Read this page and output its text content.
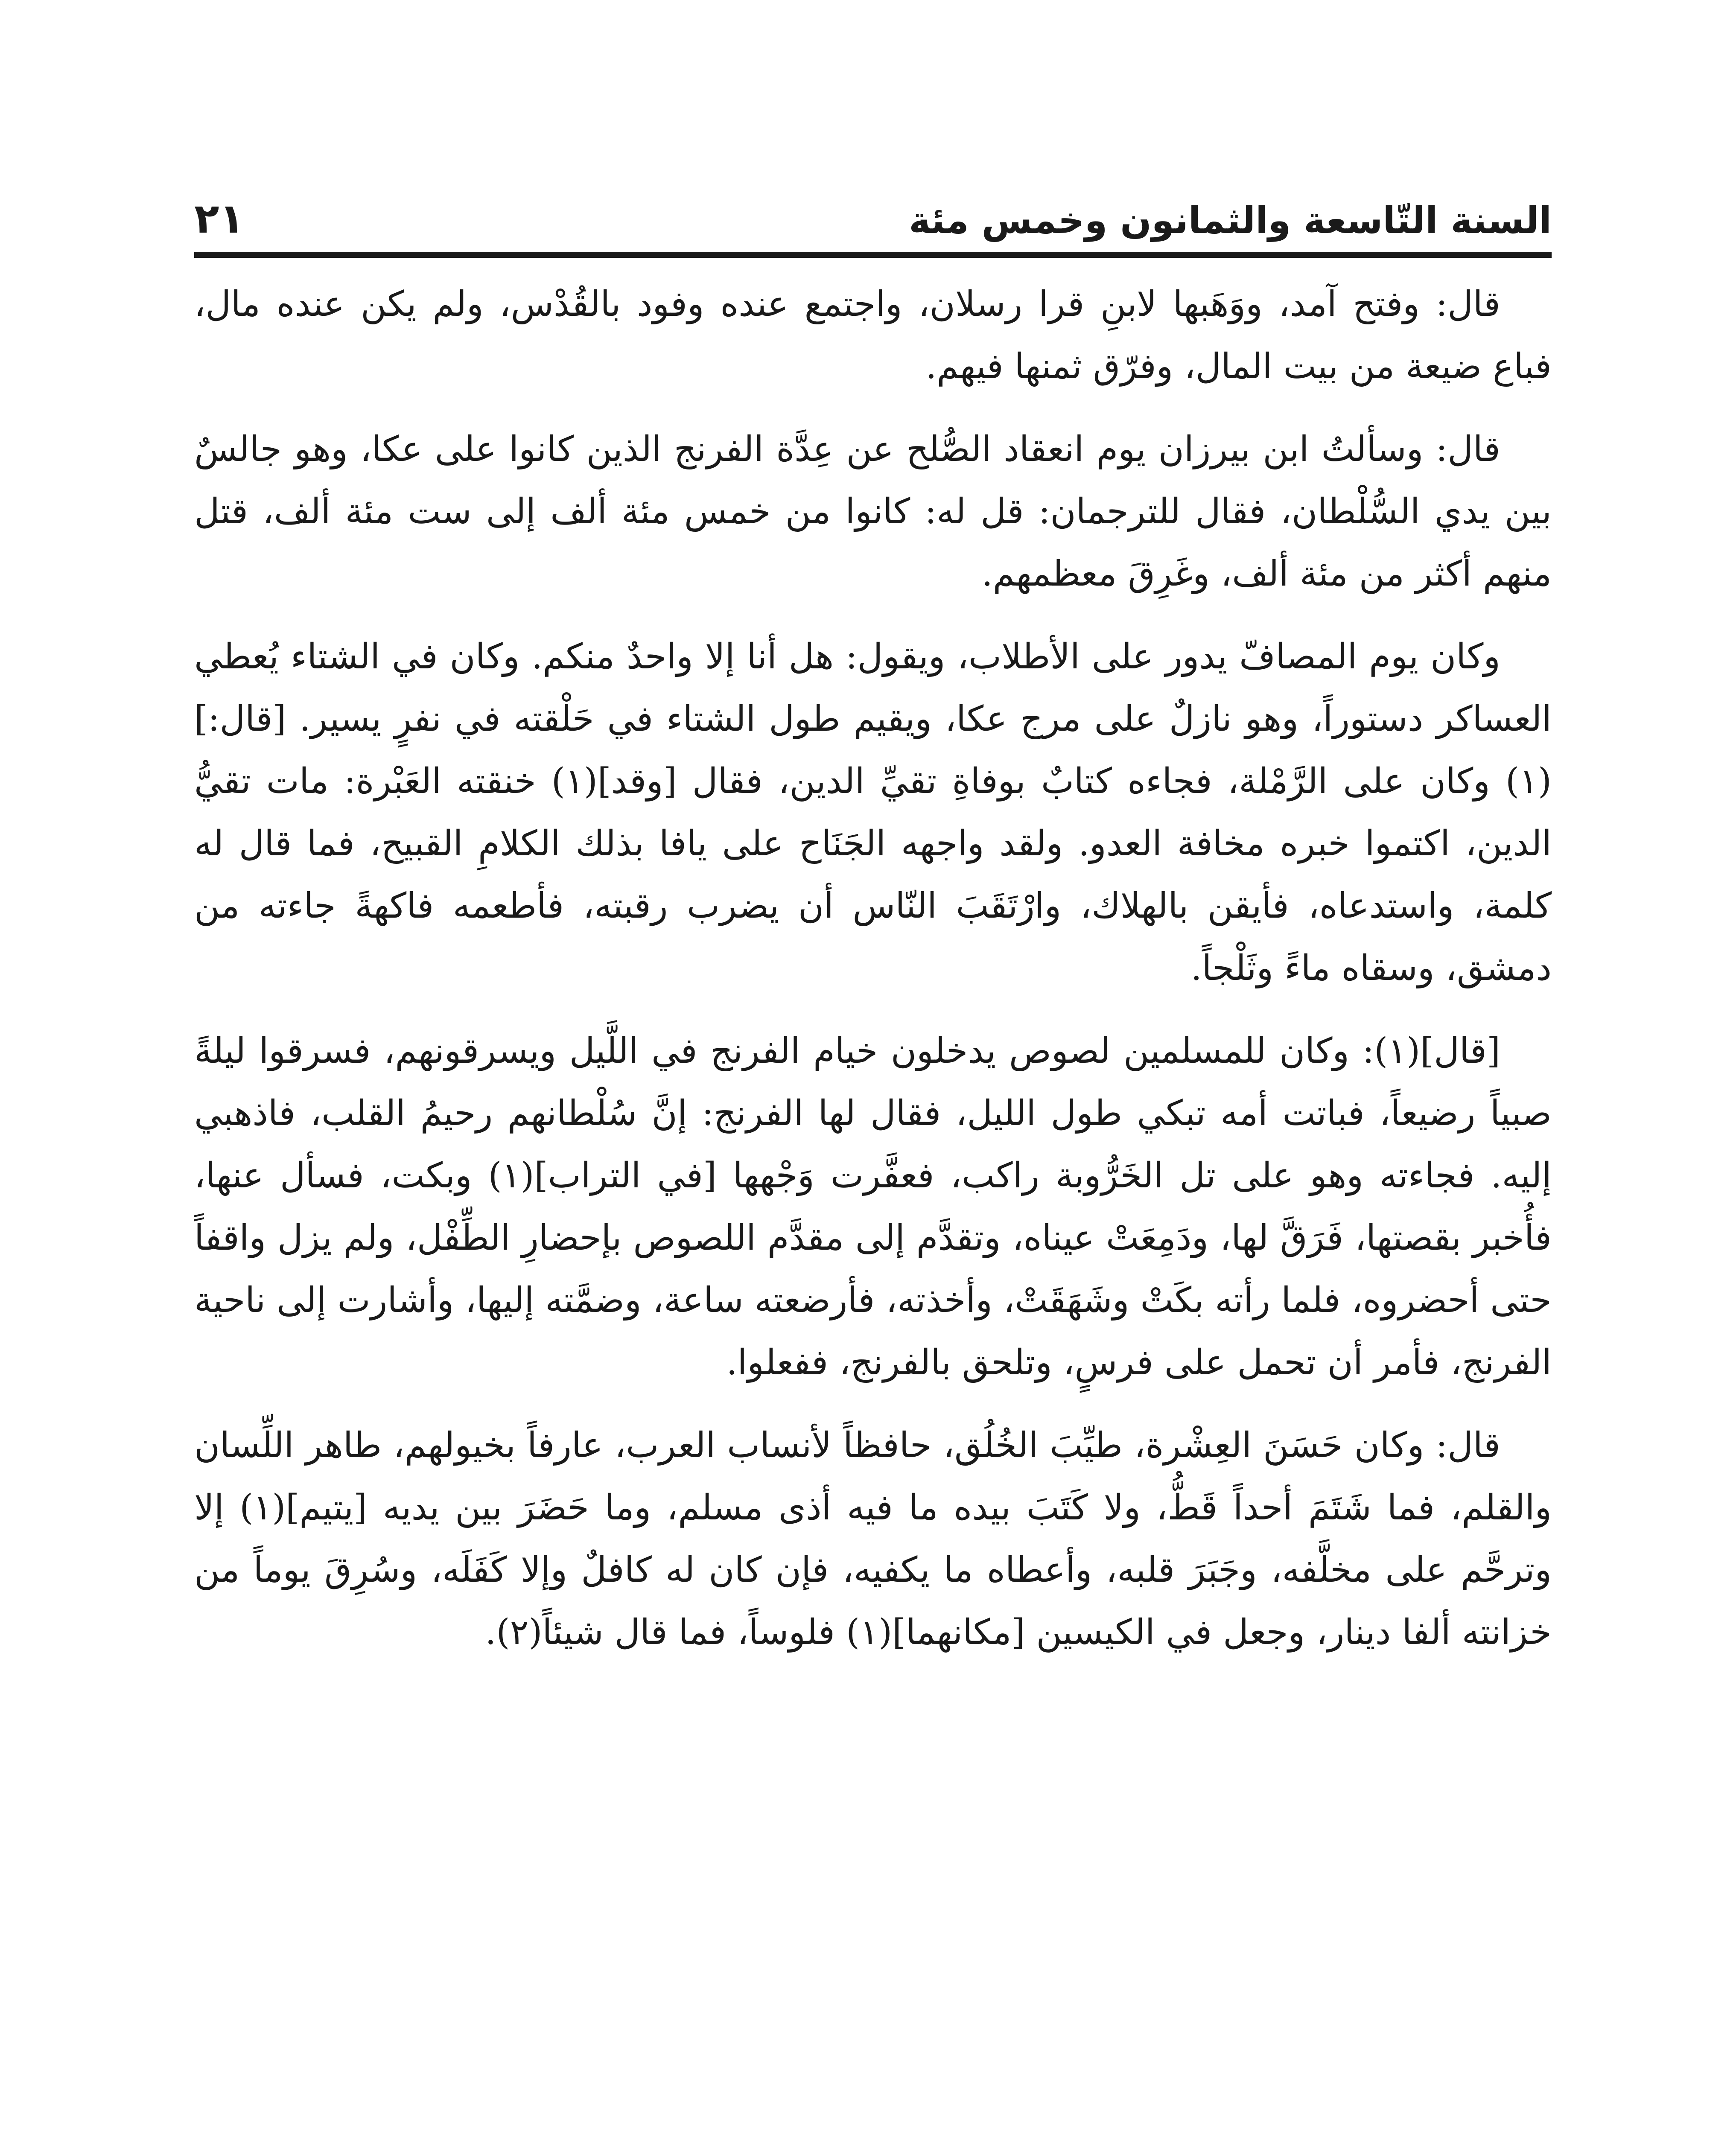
السنة التّاسعة والثمانون وخمس مئة
٢١

قال: وفتح آمد، ووَهَبها لابنِ قرا رسلان، واجتمع عنده وفود بالقُدْس، ولم يكن عنده مال، فباع ضيعة من بيت المال، وفرّق ثمنها فيهم.

قال: وسألتُ ابن بيرزان يوم انعقاد الصُّلح عن عِدَّة الفرنج الذين كانوا على عكا، وهو جالسٌ بين يدي السُّلْطان، فقال للترجمان: قل له: كانوا من خمس مئة ألف إلى ست مئة ألف، قتل منهم أكثر من مئة ألف، وغَرِقَ معظمهم.

وكان يوم المصافّ يدور على الأطلاب، ويقول: هل أنا إلا واحدٌ منكم. وكان في الشتاء يُعطي العساكر دستوراً، وهو نازلٌ على مرج عكا، ويقيم طول الشتاء في حَلْقته في نفرٍ يسير. [قال:](١) وكان على الرَّمْلة، فجاءه كتابٌ بوفاةِ تقيِّ الدين، فقال [وقد](١) خنقته العَبْرة: مات تقيُّ الدين، اكتموا خبره مخافة العدو. ولقد واجهه الجَنَاح على يافا بذلك الكلامِ القبيح، فما قال له كلمة، واستدعاه، فأيقن بالهلاك، وارْتَقَبَ النّاس أن يضرب رقبته، فأطعمه فاكهةً جاءته من دمشق، وسقاه ماءً وثَلْجاً.

[قال](١): وكان للمسلمين لصوص يدخلون خيام الفرنج في اللَّيل ويسرقونهم، فسرقوا ليلةً صبياً رضيعاً، فباتت أمه تبكي طول الليل، فقال لها الفرنج: إنَّ سُلْطانهم رحيمُ القلب، فاذهبي إليه. فجاءته وهو على تل الخَرُّوبة راكب، فعفَّرت وَجْهها [في التراب](١) وبكت، فسأل عنها، فأُخبر بقصتها، فَرَقَّ لها، ودَمِعَتْ عيناه، وتقدَّم إلى مقدَّم اللصوص بإحضارِ الطِّفْل، ولم يزل واقفاً حتى أحضروه، فلما رأته بكَتْ وشَهَقَتْ، وأخذته، فأرضعته ساعة، وضمَّته إليها، وأشارت إلى ناحية الفرنج، فأمر أن تحمل على فرسٍ، وتلحق بالفرنج، ففعلوا.

قال: وكان حَسَنَ العِشْرة، طيِّبَ الخُلُق، حافظاً لأنساب العرب، عارفاً بخيولهم، طاهر اللِّسان والقلم، فما شَتَمَ أحداً قَطُّ، ولا كَتَبَ بيده ما فيه أذى مسلم، وما حَضَرَ بين يديه [يتيم](١) إلا وترحَّم على مخلَّفه، وجَبَرَ قلبه، وأعطاه ما يكفيه، فإن كان له كافلٌ وإلا كَفَلَه، وسُرِقَ يوماً من خزانته ألفا دينار، وجعل في الكيسين [مكانهما](١) فلوساً، فما قال شيئاً(٢).
